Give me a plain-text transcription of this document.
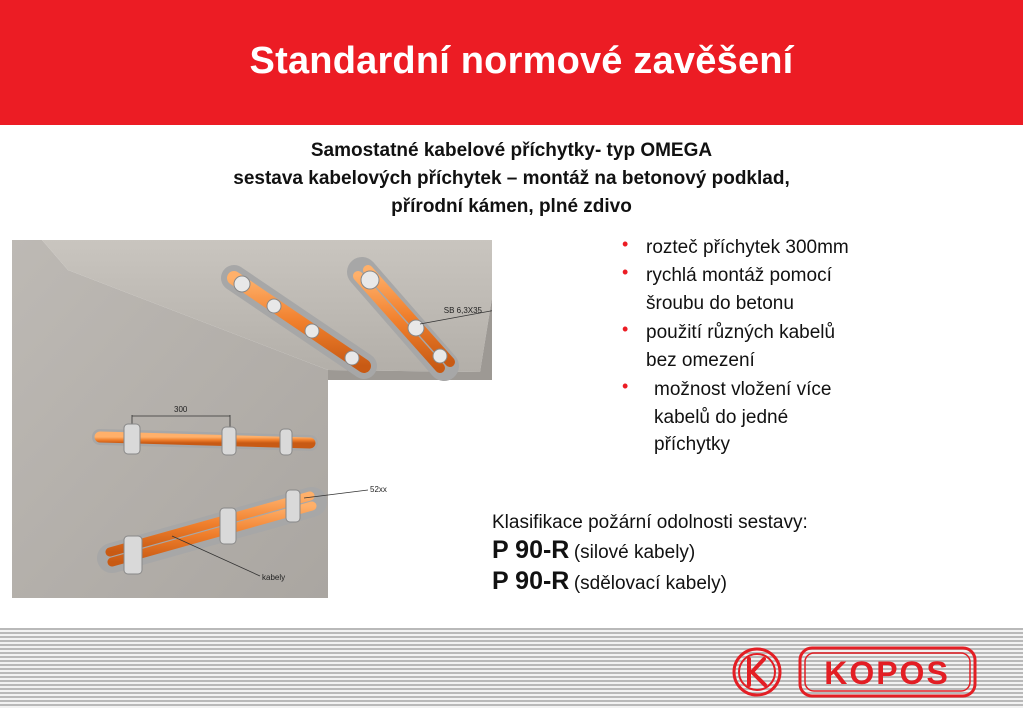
Standardní normové zavěšení
Samostatné kabelové příchytky- typ OMEGA
sestava kabelových příchytek – montáž na betonový podklad,
přírodní kámen, plné zdivo
SB 6,3X35
300
52xx
kabely
• rozteč příchytek 300mm
• rychlá montáž pomocí
šroubu do betonu
• použití různých kabelů
bez omezení
• možnost vložení více
kabelů do jedné
příchytky
Klasifikace požární odolnosti sestavy:
P 90-R (silové kabely)
P 90-R (sdělovací kabely)
KOPOS
